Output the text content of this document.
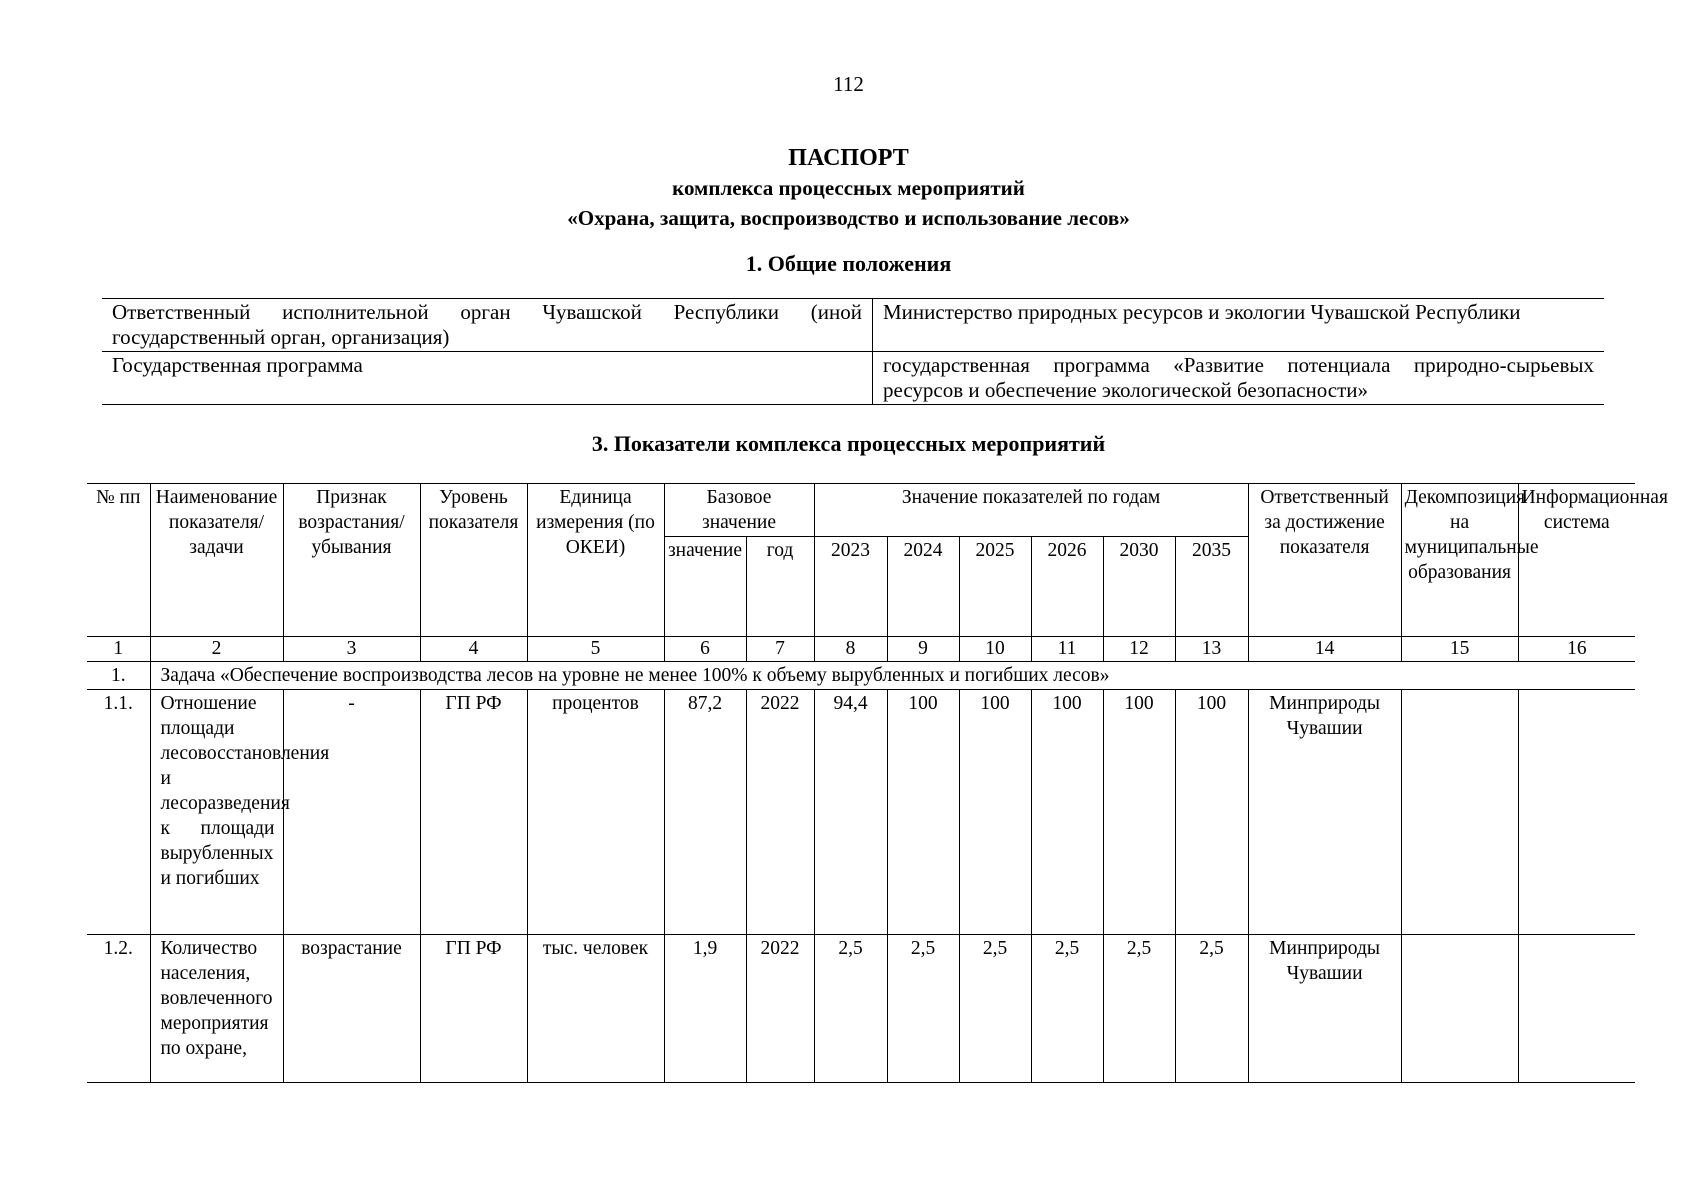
112
ПАСПОРТ
комплекса процессных мероприятий
«Охрана, защита, воспроизводство и использование лесов»
1. Общие положения
Ответственный исполнительной орган Чувашской Республики (иной государственный орган, организация)	Министерство природных ресурсов и экологии Чувашской Республики
Государственная программа	государственная программа «Развитие потенциала природно-сырьевых ресурсов и обеспечение экологической безопасности»
3. Показатели комплекса процессных мероприятий
№ пп	Наименование показателя/задачи	Признак возрастания/ убывания	Уровень показателя	Единица измерения (по ОКЕИ)	Базовое значение		Значение показателей по годам						Ответственный за достижение показателя	Декомпозиция на муниципальные образования	Информационная система
					значение	год	2023	2024	2025	2026	2030	2035			
1	2	3	4	5	6	7	8	9	10	11	12	13	14	15	16
1.	Задача «Обеспечение воспроизводства лесов на уровне не менее 100% к объему вырубленных и погибших лесов»														
1.1.	Отношение площади лесовосстановления и лесоразведения к площади вырубленных и погибших	-	ГП РФ	процентов	87,2	2022	94,4	100	100	100	100	100	Минприроды Чувашии		
1.2.	Количество населения, вовлеченного мероприятия по охране,	возрастание	ГП РФ	тыс. человек	1,9	2022	2,5	2,5	2,5	2,5	2,5	2,5	Минприроды Чувашии		
